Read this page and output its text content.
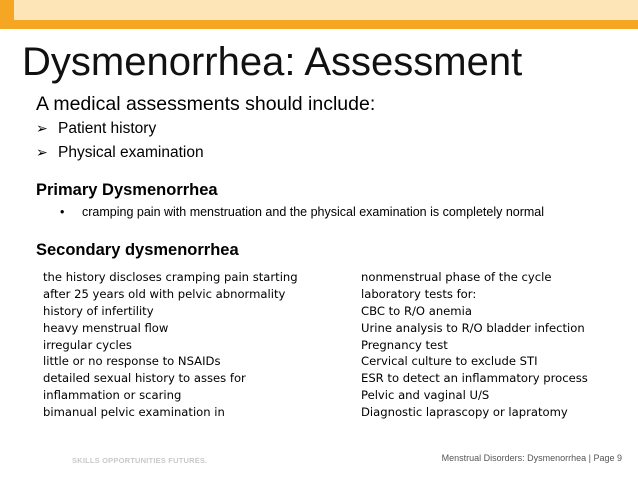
Dysmenorrhea: Assessment
A medical assessments should include:
➢ Patient history
➢ Physical examination
Primary Dysmenorrhea
• cramping pain with menstruation and the physical examination is completely normal
Secondary dysmenorrhea
the history discloses cramping pain starting
after 25 years old with pelvic abnormality
history of infertility
heavy menstrual flow
irregular cycles
little or no response to NSAIDs
detailed sexual history to asses for
inflammation or scaring
bimanual pelvic examination in
nonmenstrual phase of the cycle
laboratory tests for:
CBC to R/O anemia
Urine analysis to R/O bladder infection
Pregnancy test
Cervical culture to exclude STI
ESR to detect an inflammatory process
Pelvic and vaginal U/S
Diagnostic laprascopy or lapratomy
SKILLS OPPORTUNITIES FUTURES.	Menstrual Disorders: Dysmenorrhea | Page 9
